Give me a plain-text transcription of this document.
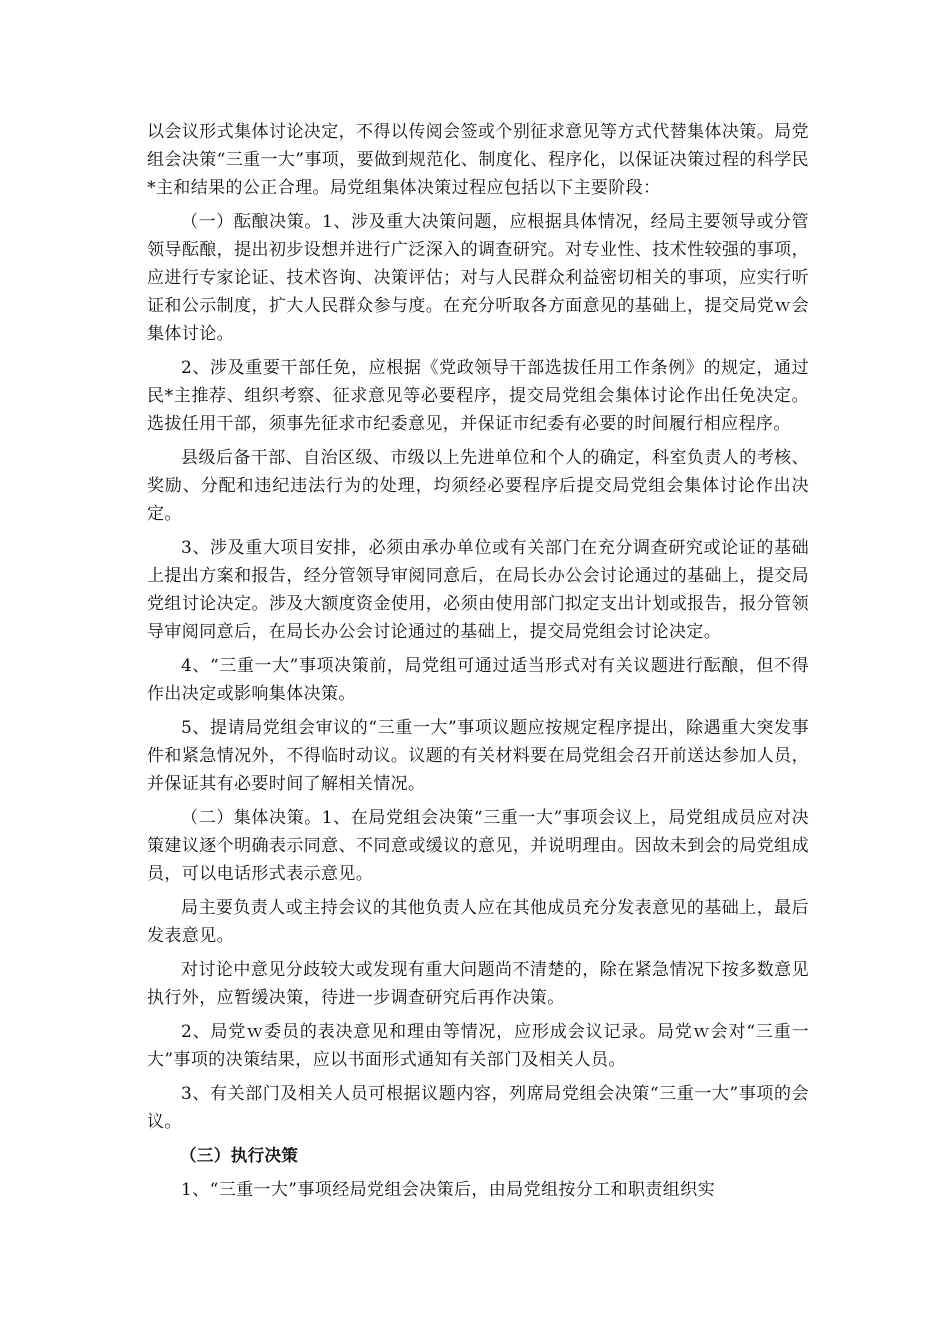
以会议形式集体讨论决定，不得以传阅会签或个别征求意见等方式代替集体决策。局党组会决策“三重一大”事项，要做到规范化、制度化、程序化，以保证决策过程的科学民*主和结果的公正合理。局党组集体决策过程应包括以下主要阶段：

（一）酝酿决策。1、涉及重大决策问题，应根据具体情况，经局主要领导或分管领导酝酿，提出初步设想并进行广泛深入的调查研究。对专业性、技术性较强的事项，应进行专家论证、技术咨询、决策评估；对与人民群众利益密切相关的事项，应实行听证和公示制度，扩大人民群众参与度。在充分听取各方面意见的基础上，提交局党ｗ会集体讨论。

2、涉及重要干部任免，应根据《党政领导干部选拔任用工作条例》的规定，通过民*主推荐、组织考察、征求意见等必要程序，提交局党组会集体讨论作出任免决定。选拔任用干部，须事先征求市纪委意见，并保证市纪委有必要的时间履行相应程序。

县级后备干部、自治区级、市级以上先进单位和个人的确定，科室负责人的考核、奖励、分配和违纪违法行为的处理，均须经必要程序后提交局党组会集体讨论作出决定。

3、涉及重大项目安排，必须由承办单位或有关部门在充分调查研究或论证的基础上提出方案和报告，经分管领导审阅同意后，在局长办公会讨论通过的基础上，提交局党组讨论决定。涉及大额度资金使用，必须由使用部门拟定支出计划或报告，报分管领导审阅同意后，在局长办公会讨论通过的基础上，提交局党组会讨论决定。

4、“三重一大”事项决策前，局党组可通过适当形式对有关议题进行酝酿，但不得作出决定或影响集体决策。

5、提请局党组会审议的“三重一大”事项议题应按规定程序提出，除遇重大突发事件和紧急情况外，不得临时动议。议题的有关材料要在局党组会召开前送达参加人员，并保证其有必要时间了解相关情况。

（二）集体决策。1、在局党组会决策“三重一大”事项会议上，局党组成员应对决策建议逐个明确表示同意、不同意或缓议的意见，并说明理由。因故未到会的局党组成员，可以电话形式表示意见。

局主要负责人或主持会议的其他负责人应在其他成员充分发表意见的基础上，最后发表意见。

对讨论中意见分歧较大或发现有重大问题尚不清楚的，除在紧急情况下按多数意见执行外，应暂缓决策，待进一步调查研究后再作决策。

2、局党ｗ委员的表决意见和理由等情况，应形成会议记录。局党ｗ会对“三重一大”事项的决策结果，应以书面形式通知有关部门及相关人员。

3、有关部门及相关人员可根据议题内容，列席局党组会决策“三重一大”事项的会议。

（三）执行决策

1、“三重一大”事项经局党组会决策后，由局党组按分工和职责组织实
